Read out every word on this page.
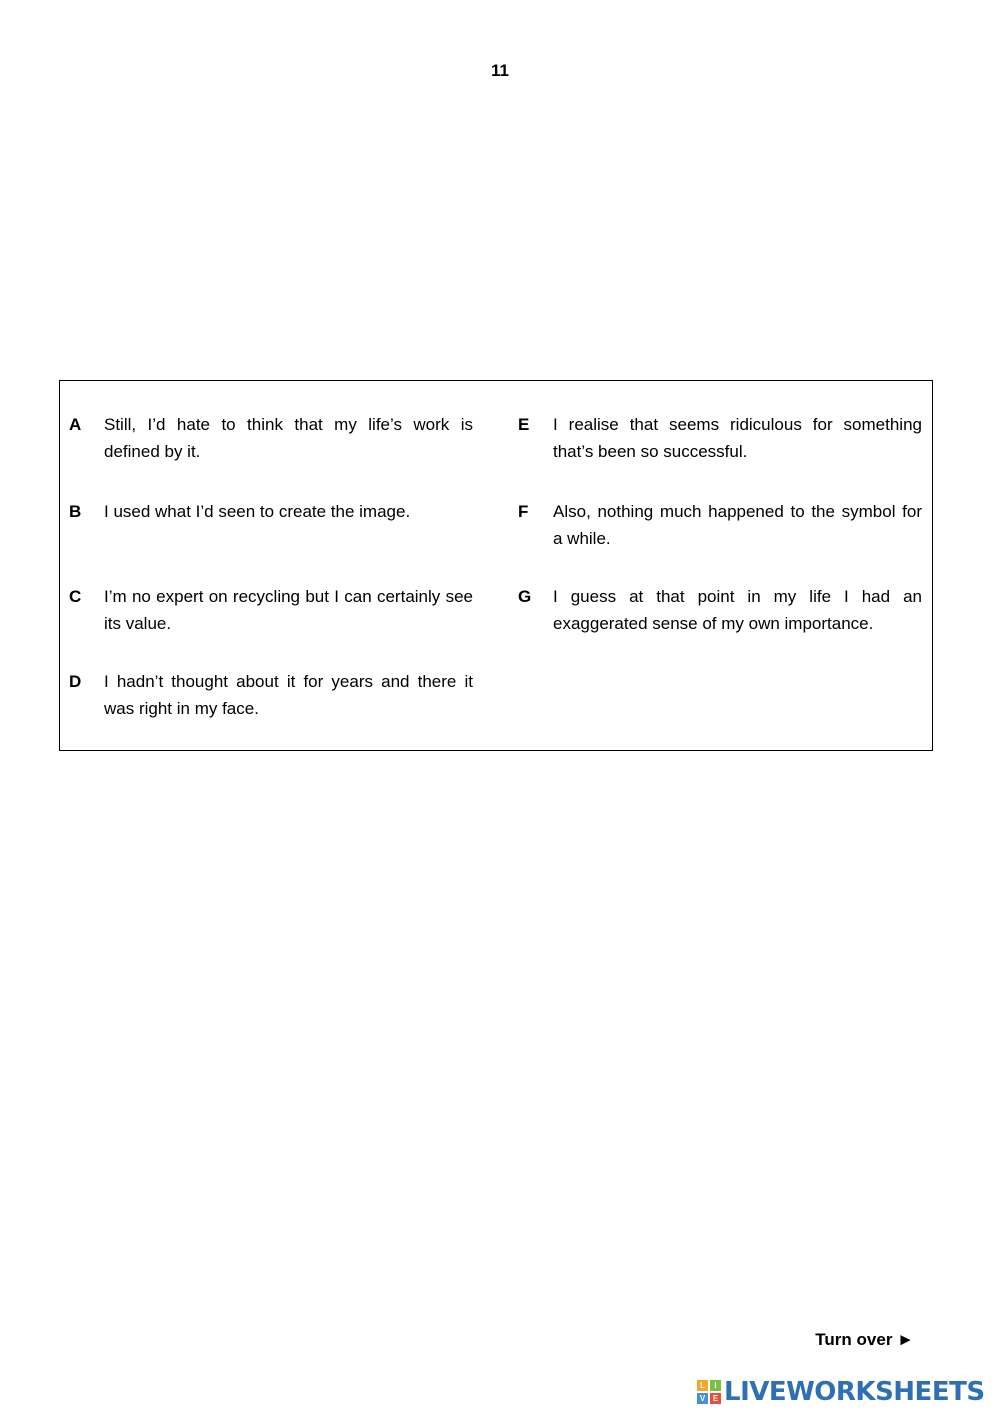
11
A	Still, I’d hate to think that my life’s work is defined by it.
B	I used what I’d seen to create the image.
C	I’m no expert on recycling but I can certainly see its value.
D	I hadn’t thought about it for years and there it was right in my face.
E	I realise that seems ridiculous for something that’s been so successful.
F	Also, nothing much happened to the symbol for a while.
G	I guess at that point in my life I had an exaggerated sense of my own importance.
Turn over ►
L	I
V E LIVEWORKSHEETS
